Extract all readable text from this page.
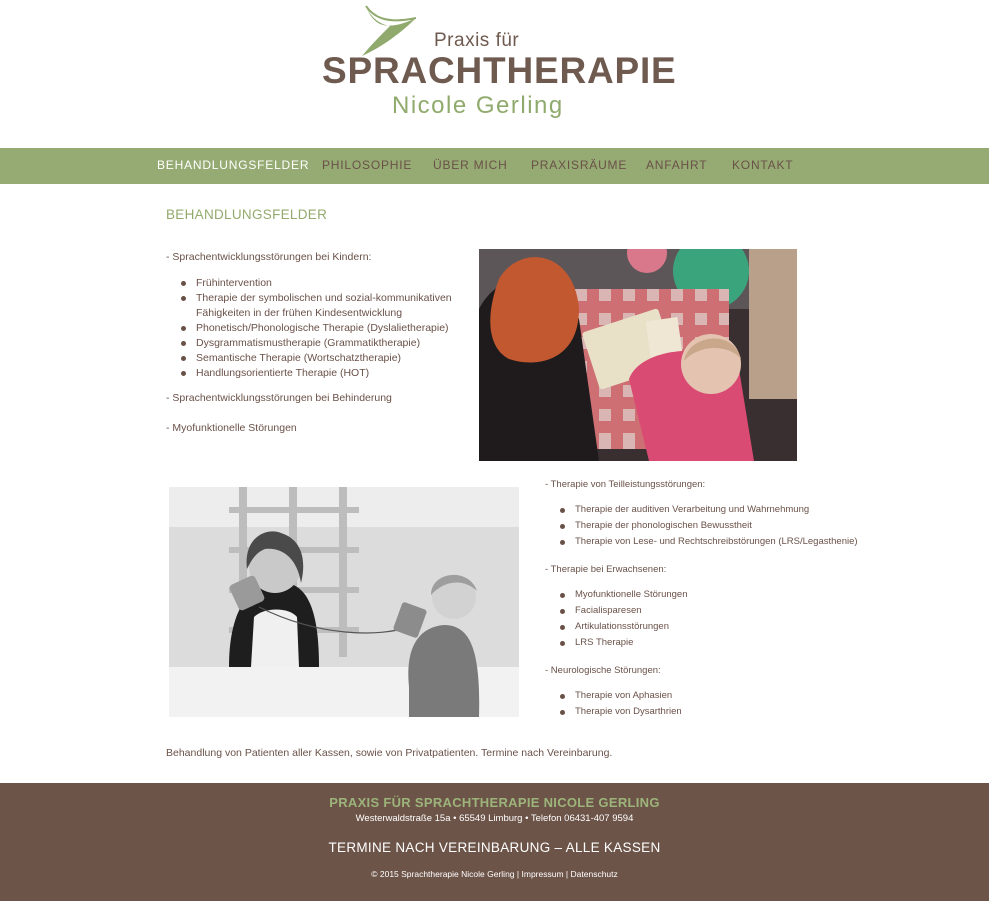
Praxis für
SPRACHTHERAPIE
Nicole Gerling
BEHANDLUNGSFELDER PHILOSOPHIE ÜBER MICH PRAXISRÄUME ANFAHRT KONTAKT
BEHANDLUNGSFELDER
- Sprachentwicklungsstörungen bei Kindern:
Frühintervention
Therapie der symbolischen und sozial-kommunikativen Fähigkeiten in der frühen Kindesentwicklung
Phonetisch/Phonologische Therapie (Dyslalietherapie)
Dysgrammatismustherapie (Grammatiktherapie)
Semantische Therapie (Wortschatztherapie)
Handlungsorientierte Therapie (HOT)
- Sprachentwicklungsstörungen bei Behinderung
- Myofunktionelle Störungen
- Therapie von Teilleistungsstörungen:
Therapie der auditiven Verarbeitung und Wahrnehmung
Therapie der phonologischen Bewusstheit
Therapie von Lese- und Rechtschreibstörungen (LRS/Legasthenie)
- Therapie bei Erwachsenen:
Myofunktionelle Störungen
Facialisparesen
Artikulationsstörungen
LRS Therapie
- Neurologische Störungen:
Therapie von Aphasien
Therapie von Dysarthrien
Behandlung von Patienten aller Kassen, sowie von Privatpatienten. Termine nach Vereinbarung.
PRAXIS FÜR SPRACHTHERAPIE NICOLE GERLING
Westerwaldstraße 15a • 65549 Limburg • Telefon 06431-407 9594
TERMINE NACH VEREINBARUNG – ALLE KASSEN
© 2015 Sprachtherapie Nicole Gerling | Impressum | Datenschutz
